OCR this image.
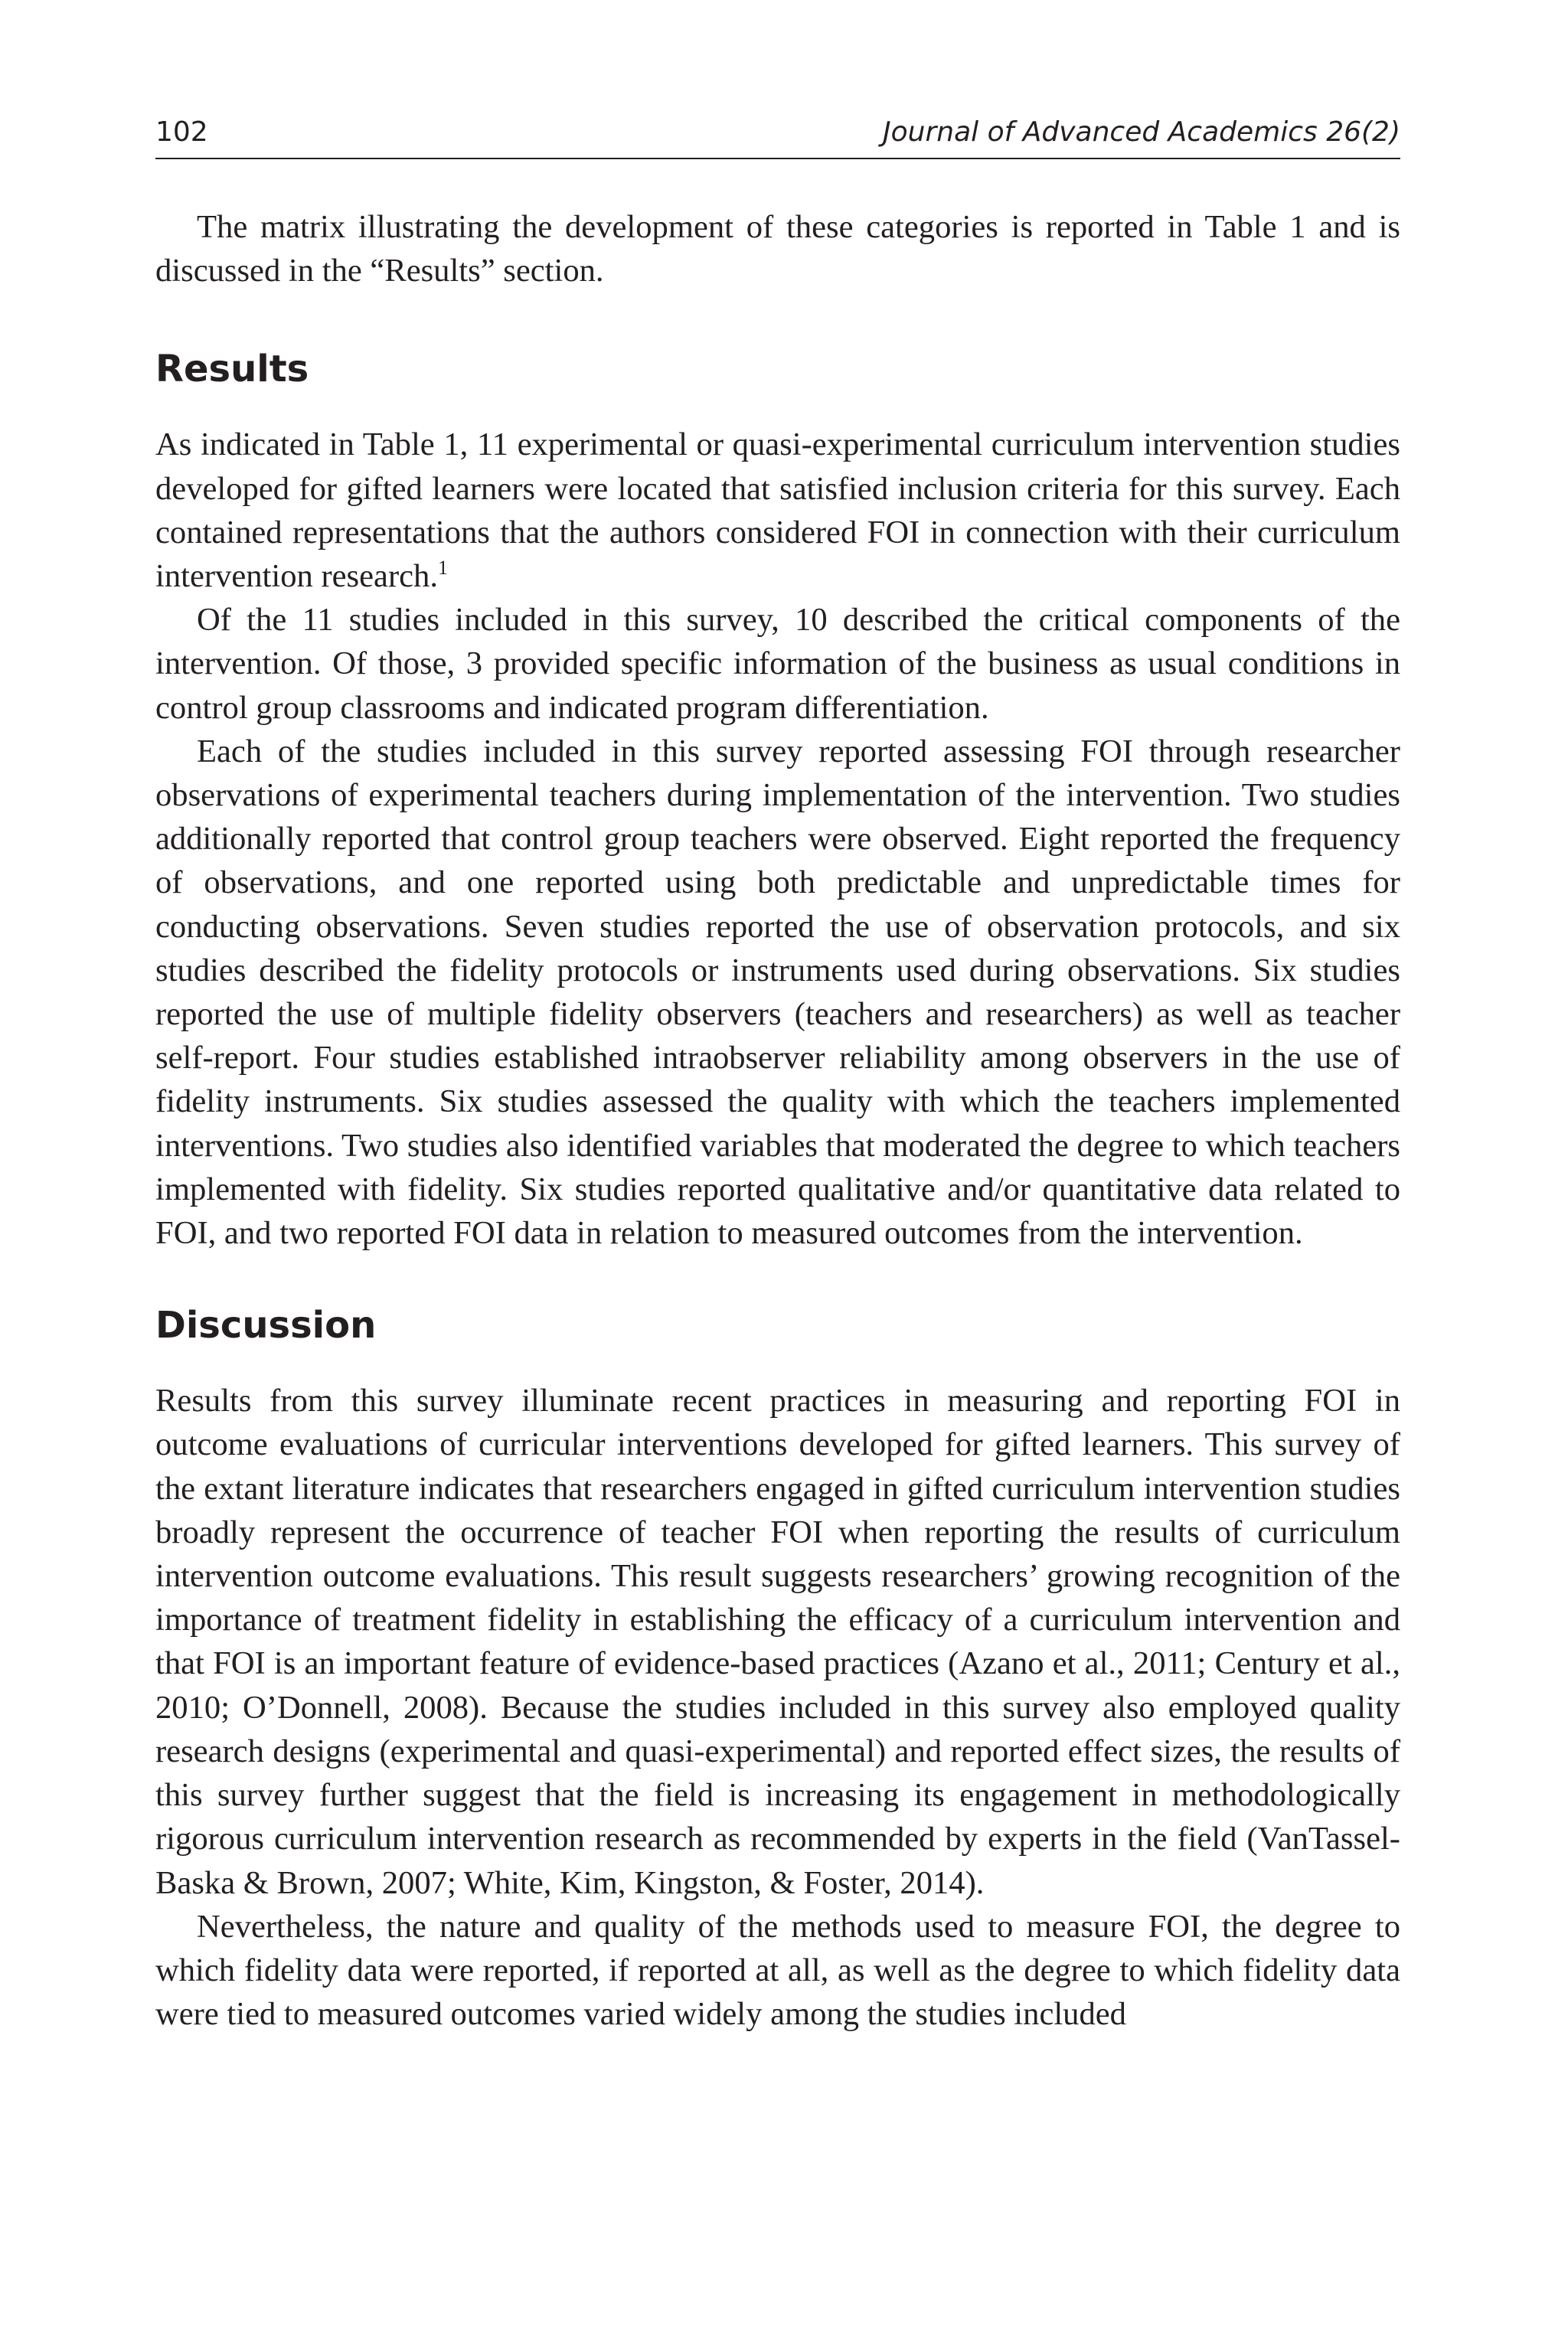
102	Journal of Advanced Academics 26(2)

The matrix illustrating the development of these categories is reported in Table 1 and is discussed in the “Results” section.

Results

As indicated in Table 1, 11 experimental or quasi-experimental curriculum intervention studies developed for gifted learners were located that satisfied inclusion criteria for this survey. Each contained representations that the authors considered FOI in connection with their curriculum intervention research.$^1$

Of the 11 studies included in this survey, 10 described the critical components of the intervention. Of those, 3 provided specific information of the business as usual conditions in control group classrooms and indicated program differentiation.

Each of the studies included in this survey reported assessing FOI through researcher observations of experimental teachers during implementation of the intervention. Two studies additionally reported that control group teachers were observed. Eight reported the frequency of observations, and one reported using both predictable and unpredictable times for conducting observations. Seven studies reported the use of observation protocols, and six studies described the fidelity protocols or instruments used during observations. Six studies reported the use of multiple fidelity observers (teachers and researchers) as well as teacher self-report. Four studies established intraobserver reliability among observers in the use of fidelity instruments. Six studies assessed the quality with which the teachers implemented interventions. Two studies also identified variables that moderated the degree to which teachers implemented with fidelity. Six studies reported qualitative and/or quantitative data related to FOI, and two reported FOI data in relation to measured outcomes from the intervention.

Discussion

Results from this survey illuminate recent practices in measuring and reporting FOI in outcome evaluations of curricular interventions developed for gifted learners. This survey of the extant literature indicates that researchers engaged in gifted curriculum intervention studies broadly represent the occurrence of teacher FOI when reporting the results of curriculum intervention outcome evaluations. This result suggests researchers’ growing recognition of the importance of treatment fidelity in establishing the efficacy of a curriculum intervention and that FOI is an important feature of evidence-based practices (Azano et al., 2011; Century et al., 2010; O’Donnell, 2008). Because the studies included in this survey also employed quality research designs (experimental and quasi-experimental) and reported effect sizes, the results of this survey further suggest that the field is increasing its engagement in methodologically rigorous curriculum intervention research as recommended by experts in the field (VanTassel-Baska & Brown, 2007; White, Kim, Kingston, & Foster, 2014).

Nevertheless, the nature and quality of the methods used to measure FOI, the degree to which fidelity data were reported, if reported at all, as well as the degree to which fidelity data were tied to measured outcomes varied widely among the studies included
